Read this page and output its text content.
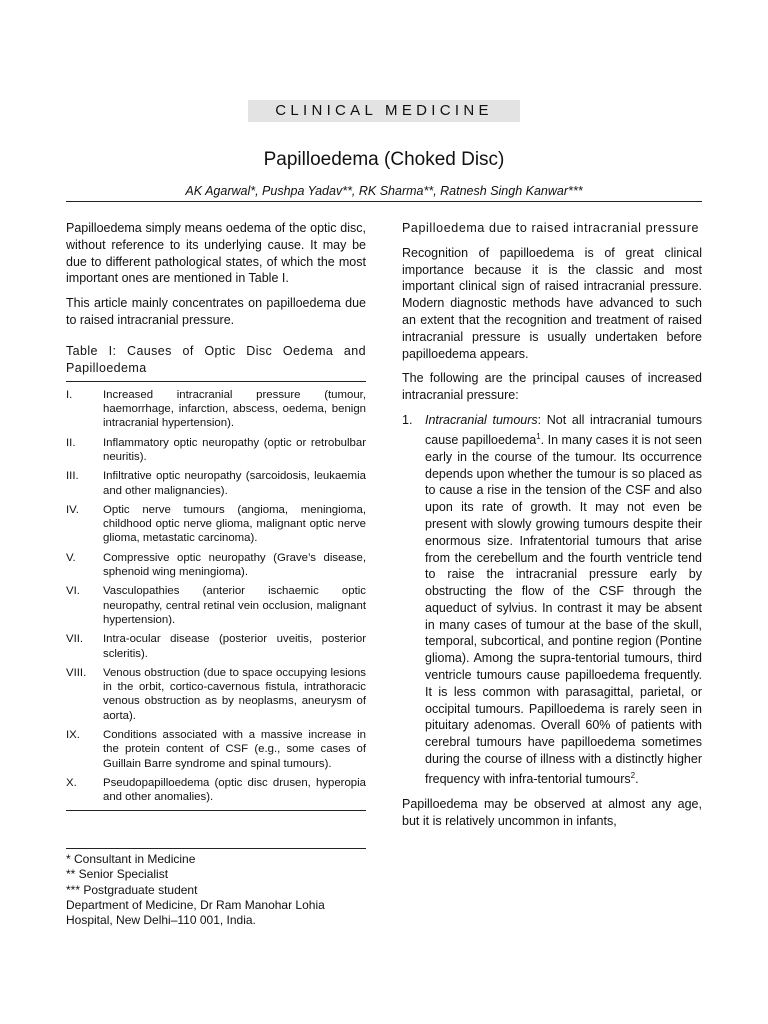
CLINICAL MEDICINE
Papilloedema (Choked Disc)
AK Agarwal*, Pushpa Yadav**, RK Sharma**, Ratnesh Singh Kanwar***

Papilloedema simply means oedema of the optic disc, without reference to its underlying cause. It may be due to different pathological states, of which the most important ones are mentioned in Table I.

This article mainly concentrates on papilloedema due to raised intracranial pressure.

Table I: Causes of Optic Disc Oedema and Papilloedema
I.	Increased intracranial pressure (tumour, haemorrhage, infarction, abscess, oedema, benign intracranial hypertension).
II.	Inflammatory optic neuropathy (optic or retrobulbar neuritis).
III.	Infiltrative optic neuropathy (sarcoidosis, leukaemia and other malignancies).
IV.	Optic nerve tumours (angioma, meningioma, childhood optic nerve glioma, malignant optic nerve glioma, metastatic carcinoma).
V.	Compressive optic neuropathy (Grave’s disease, sphenoid wing meningioma).
VI.	Vasculopathies (anterior ischaemic optic neuropathy, central retinal vein occlusion, malignant hypertension).
VII.	Intra-ocular disease (posterior uveitis, posterior scleritis).
VIII.	Venous obstruction (due to space occupying lesions in the orbit, cortico-cavernous fistula, intrathoracic venous obstruction as by neoplasms, aneurysm of aorta).
IX.	Conditions associated with a massive increase in the protein content of CSF (e.g., some cases of Guillain Barre syndrome and spinal tumours).
X.	Pseudopapilloedema (optic disc drusen, hyperopia and other anomalies).
* Consultant in Medicine
** Senior Specialist
*** Postgraduate student
Department of Medicine, Dr Ram Manohar Lohia
Hospital, New Delhi–110 001, India.

Papilloedema due to raised intracranial pressure

Recognition of papilloedema is of great clinical importance because it is the classic and most important clinical sign of raised intracranial pressure. Modern diagnostic methods have advanced to such an extent that the recognition and treatment of raised intracranial pressure is usually undertaken before papilloedema appears.

The following are the principal causes of increased intracranial pressure:

1.	Intracranial tumours: Not all intracranial tumours cause papilloedema$^1$. In many cases it is not seen early in the course of the tumour. Its occurrence depends upon whether the tumour is so placed as to cause a rise in the tension of the CSF and also upon its rate of growth. It may not even be present with slowly growing tumours despite their enormous size. Infratentorial tumours that arise from the cerebellum and the fourth ventricle tend to raise the intracranial pressure early by obstructing the flow of the CSF through the aqueduct of sylvius. In contrast it may be absent in many cases of tumour at the base of the skull, temporal, subcortical, and pontine region (Pontine glioma). Among the supra-tentorial tumours, third ventricle tumours cause papilloedema frequently. It is less common with parasagittal, parietal, or occipital tumours. Papilloedema is rarely seen in pituitary adenomas. Overall 60% of patients with cerebral tumours have papilloedema sometimes during the course of illness with a distinctly higher frequency with infra-tentorial tumours$^2$.

Papilloedema may be observed at almost any age, but it is relatively uncommon in infants,
